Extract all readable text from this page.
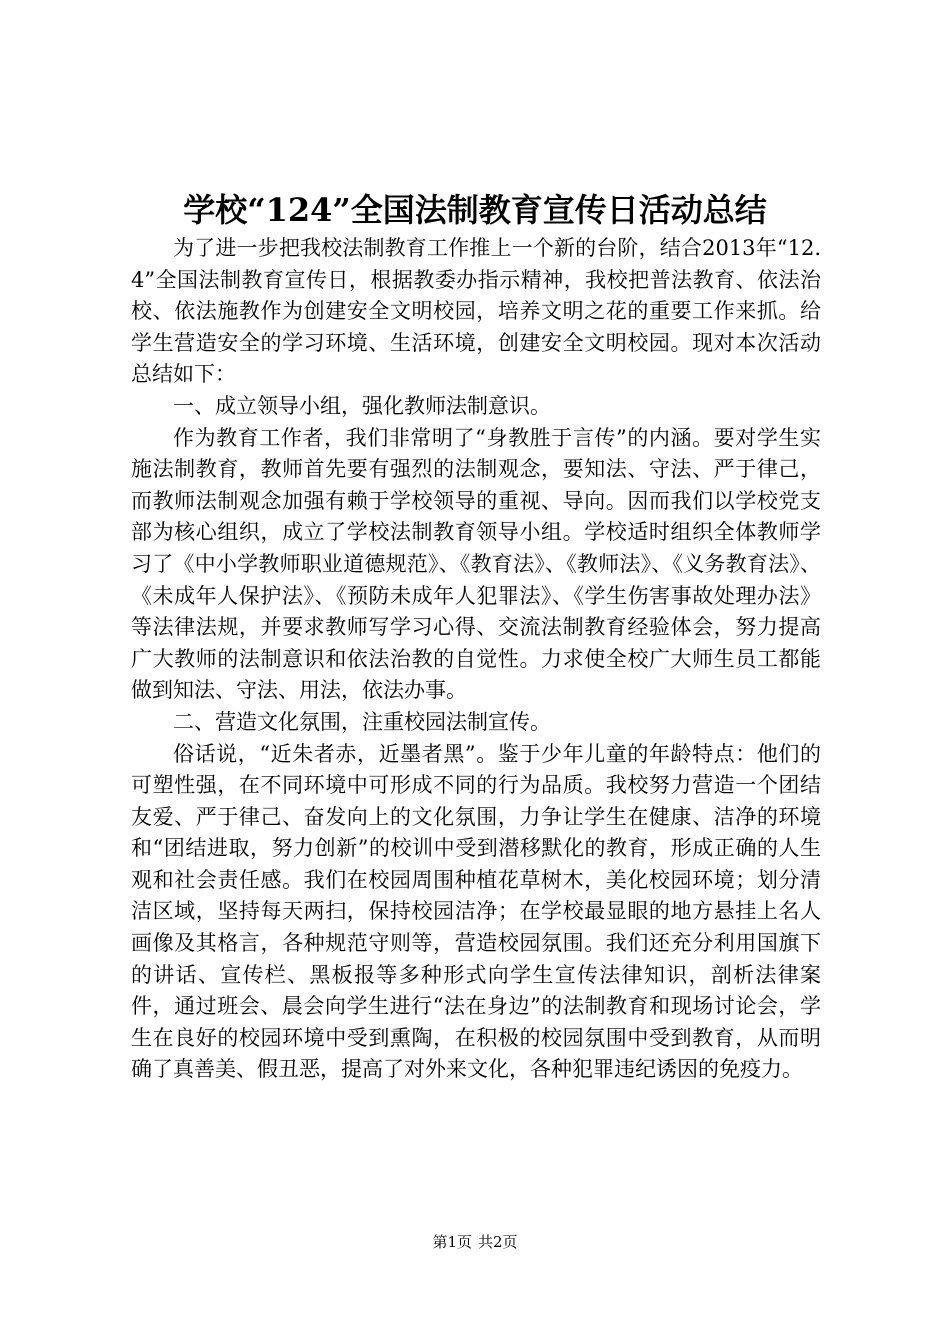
学校“124”全国法制教育宣传日活动总结

为了进一步把我校法制教育工作推上一个新的台阶，结合2013年“12.4”全国法制教育宣传日，根据教委办指示精神，我校把普法教育、依法治校、依法施教作为创建安全文明校园，培养文明之花的重要工作来抓。给学生营造安全的学习环境、生活环境，创建安全文明校园。现对本次活动总结如下：

一、成立领导小组，强化教师法制意识。

作为教育工作者，我们非常明了“身教胜于言传”的内涵。要对学生实施法制教育，教师首先要有强烈的法制观念，要知法、守法、严于律己，而教师法制观念加强有赖于学校领导的重视、导向。因而我们以学校党支部为核心组织，成立了学校法制教育领导小组。学校适时组织全体教师学习了《中小学教师职业道德规范》、《教育法》、《教师法》、《义务教育法》、《未成年人保护法》、《预防未成年人犯罪法》、《学生伤害事故处理办法》等法律法规，并要求教师写学习心得、交流法制教育经验体会，努力提高广大教师的法制意识和依法治教的自觉性。力求使全校广大师生员工都能做到知法、守法、用法，依法办事。

二、营造文化氛围，注重校园法制宣传。

俗话说，“近朱者赤，近墨者黑”。鉴于少年儿童的年龄特点：他们的可塑性强，在不同环境中可形成不同的行为品质。我校努力营造一个团结友爱、严于律己、奋发向上的文化氛围，力争让学生在健康、洁净的环境和“团结进取，努力创新”的校训中受到潜移默化的教育，形成正确的人生观和社会责任感。我们在校园周围种植花草树木，美化校园环境；划分清洁区域，坚持每天两扫，保持校园洁净；在学校最显眼的地方悬挂上名人画像及其格言，各种规范守则等，营造校园氛围。我们还充分利用国旗下的讲话、宣传栏、黑板报等多种形式向学生宣传法律知识，剖析法律案件，通过班会、晨会向学生进行“法在身边”的法制教育和现场讨论会，学生在良好的校园环境中受到熏陶，在积极的校园氛围中受到教育，从而明确了真善美、假丑恶，提高了对外来文化，各种犯罪违纪诱因的免疫力。

第1页 共2页
